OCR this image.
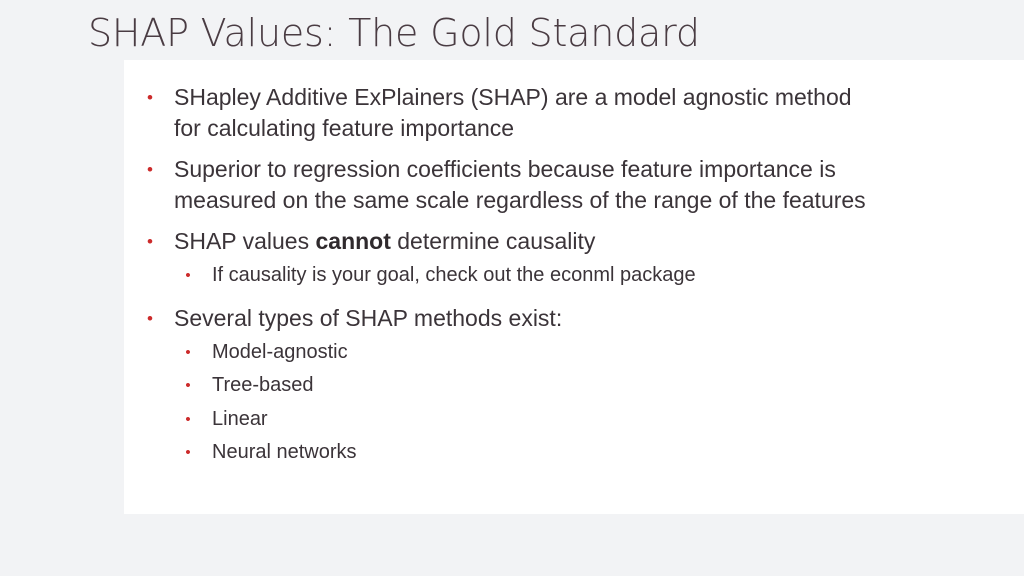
SHAP Values: The Gold Standard
• SHapley Additive ExPlainers (SHAP) are a model agnostic method for calculating feature importance
• Superior to regression coefficients because feature importance is measured on the same scale regardless of the range of the features
• SHAP values cannot determine causality
• If causality is your goal, check out the econml package
• Several types of SHAP methods exist:
• Model-agnostic
• Tree-based
• Linear
• Neural networks
